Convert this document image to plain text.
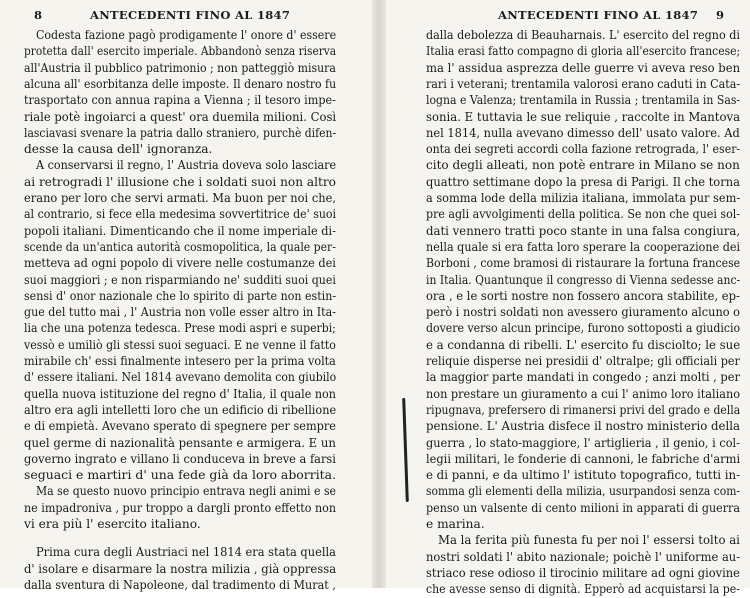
8	ANTECEDENTI FINO AL 1847
Codesta fazione pagò prodigamente l' onore d' essere
protetta dall' esercito imperiale. Abbandonò senza riserva
all'Austria il pubblico patrimonio ; non patteggiò misura
alcuna all' esorbitanza delle imposte. Il denaro nostro fu
trasportato con annua rapina a Vienna ; il tesoro impe-
riale potè ingoiarci a quest' ora duemila milioni. Così
lasciavasi svenare la patria dallo straniero, purchè difen-
desse la causa dell' ignoranza.
A conservarsi il regno, l' Austria doveva solo lasciare
ai retrogradi l' illusione che i soldati suoi non altro
erano per loro che servi armati. Ma buon per noi che,
al contrario, si fece ella medesima sovvertitrice de' suoi
popoli italiani. Dimenticando che il nome imperiale di-
scende da un'antica autorità cosmopolitica, la quale per-
metteva ad ogni popolo di vivere nelle costumanze dei
suoi maggiori ; e non risparmiando ne' sudditi suoi quei
sensi d' onor nazionale che lo spirito di parte non estin-
gue del tutto mai , l' Austria non volle esser altro in Ita-
lia che una potenza tedesca. Prese modi aspri e superbi;
vessò e umiliò gli stessi suoi seguaci. E ne venne il fatto
mirabile ch' essi finalmente intesero per la prima volta
d' essere italiani. Nel 1814 avevano demolita con giubilo
quella nuova istituzione del regno d' Italia, il quale non
altro era agli intelletti loro che un edificio di ribellione
e di empietà. Avevano sperato di spegnere per sempre
quel germe di nazionalità pensante e armigera. E un
governo ingrato e villano li conduceva in breve a farsi
seguaci e martiri d' una fede già da loro aborrita.
Ma se questo nuovo principio entrava negli animi e se
ne impadroniva , pur troppo a dargli pronto effetto non
vi era più l' esercito italiano.
Prima cura degli Austriaci nel 1814 era stata quella
d' isolare e disarmare la nostra milizia , già oppressa
dalla sventura di Napoleone, dal tradimento di Murat ,
ANTECEDENTI FINO AL 1847 9
dalla debolezza di Beauharnais. L' esercito del regno di
Italia erasi fatto compagno di gloria all'esercito francese;
ma l' assidua asprezza delle guerre vi aveva reso ben
rari i veterani; trentamila valorosi erano caduti in Cata-
logna e Valenza; trentamila in Russia ; trentamila in Sas-
sonia. E tuttavia le sue reliquie , raccolte in Mantova
nel 1814, nulla avevano dimesso dell' usato valore. Ad
onta dei segreti accordi colla fazione retrograda, l' eser-
cito degli alleati, non potè entrare in Milano se non
quattro settimane dopo la presa di Parigi. Il che torna
a somma lode della milizia italiana, immolata pur sem-
pre agli avvolgimenti della politica. Se non che quei sol-
dati vennero tratti poco stante in una falsa congiura,
nella quale si era fatta loro sperare la cooperazione dei
Borboni , come bramosi di ristaurare la fortuna francese
in Italia. Quantunque il congresso di Vienna sedesse anc-
ora , e le sorti nostre non fossero ancora stabilite, ep-
però i nostri soldati non avessero giuramento alcuno o
dovere verso alcun principe, furono sottoposti a giudicio
e a condanna di ribelli. L' esercito fu disciolto; le sue
reliquie disperse nei presidii d' oltralpe; gli officiali per
la maggior parte mandati in congedo ; anzi molti , per
non prestare un giuramento a cui l' animo loro italiano
ripugnava, prefersero di rimanersi privi del grado e della
pensione. L' Austria disfece il nostro ministerio della
guerra , lo stato-maggiore, l' artiglieria , il genio, i col-
legii militari, le fonderie di cannoni, le fabriche d'armi
e di panni, e da ultimo l' istituto topografico, tutti in-
somma gli elementi della milizia, usurpandosi senza com-
penso un valsente di cento milioni in apparati di guerra
e marina.
Ma la ferita più funesta fu per noi l' essersi tolto ai
nostri soldati l' abito nazionale; poichè l' uniforme au-
striaco rese odioso il tirocinio militare ad ogni giovine
che avesse senso di dignità. Epperò ad acquistarsi la pe-
